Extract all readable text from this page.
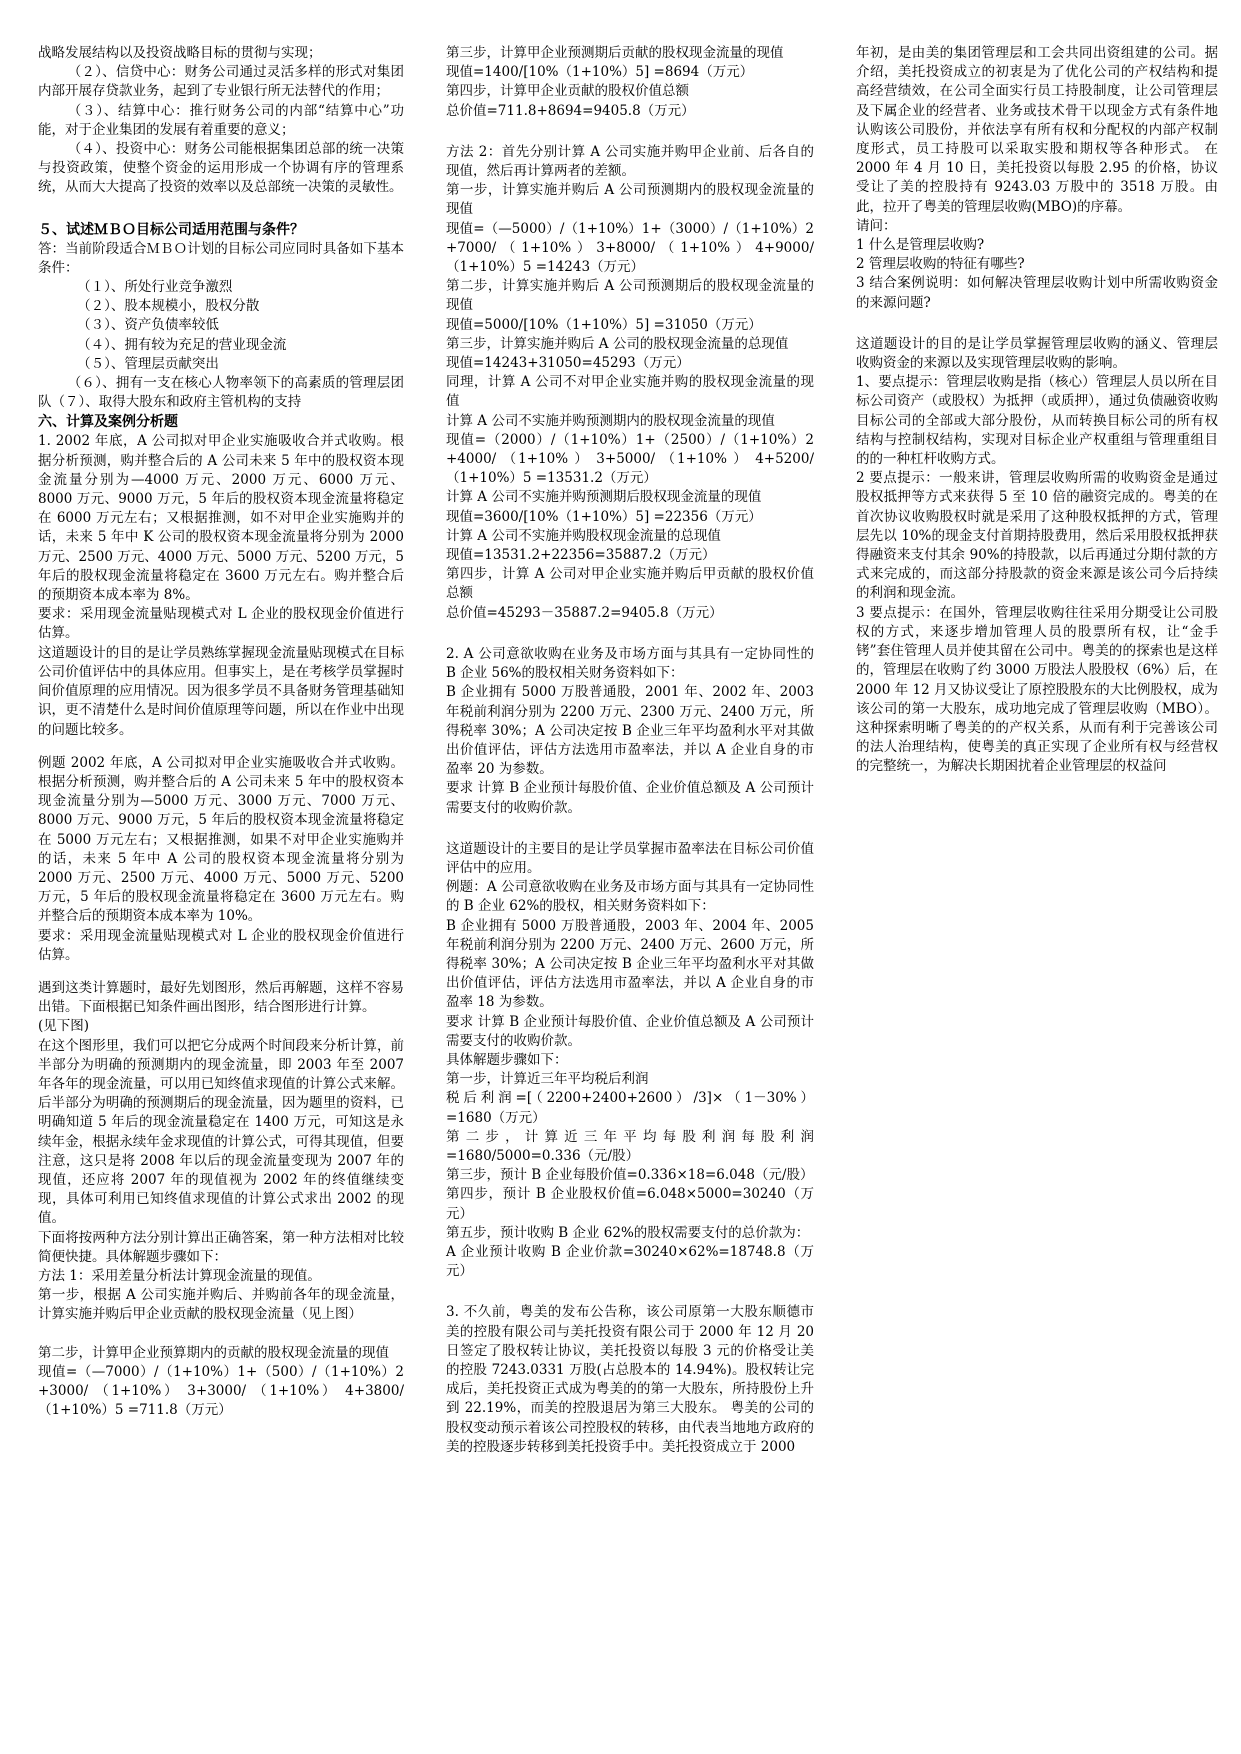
战略发展结构以及投资战略目标的贯彻与实现；

（２）、信贷中心：财务公司通过灵活多样的形式对集团内部开展存贷款业务，起到了专业银行所无法替代的作用；

（３）、结算中心：推行财务公司的内部“结算中心”功能，对于企业集团的发展有着重要的意义；

（４）、投资中心：财务公司能根据集团总部的统一决策与投资政策，使整个资金的运用形成一个协调有序的管理系统，从而大大提高了投资的效率以及总部统一决策的灵敏性。

５、试述ＭＢＯ目标公司适用范围与条件？

答：当前阶段适合ＭＢＯ计划的目标公司应同时具备如下基本条件：

（１）、所处行业竞争激烈

（２）、股本规模小，股权分散

（３）、资产负债率较低

（４）、拥有较为充足的营业现金流

（５）、管理层贡献突出

（６）、拥有一支在核心人物率领下的高素质的管理层团队（７）、取得大股东和政府主管机构的支持

六、计算及案例分析题

1. 2002 年底，A 公司拟对甲企业实施吸收合并式收购。根据分析预测，购并整合后的 A 公司未来 5 年中的股权资本现金流量分别为—4000 万元、2000 万元、6000 万元、8000 万元、9000 万元，5 年后的股权资本现金流量将稳定在 6000 万元左右；又根据推测，如不对甲企业实施购并的话，未来 5 年中 K 公司的股权资本现金流量将分别为 2000 万元、2500 万元、4000 万元、5000 万元、5200 万元，5 年后的股权现金流量将稳定在 3600 万元左右。购并整合后的预期资本成本率为 8%。

要求：采用现金流量贴现模式对 L 企业的股权现金价值进行估算。

这道题设计的目的是让学员熟练掌握现金流量贴现模式在目标公司价值评估中的具体应用。但事实上，是在考核学员掌握时间价值原理的应用情况。因为很多学员不具备财务管理基础知识，更不清楚什么是时间价值原理等问题，所以在作业中出现的问题比较多。

例题 2002 年底，A 公司拟对甲企业实施吸收合并式收购。根据分析预测，购并整合后的 A 公司未来 5 年中的股权资本现金流量分别为—5000 万元、3000 万元、7000 万元、8000 万元、9000 万元，5 年后的股权资本现金流量将稳定在 5000 万元左右；又根据推测，如果不对甲企业实施购并的话，未来 5 年中 A 公司的股权资本现金流量将分别为 2000 万元、2500 万元、4000 万元、5000 万元、5200 万元，5 年后的股权现金流量将稳定在 3600 万元左右。购并整合后的预期资本成本率为 10%。

要求：采用现金流量贴现模式对 L 企业的股权现金价值进行估算。

遇到这类计算题时，最好先划图形，然后再解题，这样不容易出错。下面根据已知条件画出图形，结合图形进行计算。

(见下图)

在这个图形里，我们可以把它分成两个时间段来分析计算，前半部分为明确的预测期内的现金流量，即 2003 年至 2007 年各年的现金流量，可以用已知终值求现值的计算公式来解。后半部分为明确的预测期后的现金流量，因为题里的资料，已明确知道 5 年后的现金流量稳定在 1400 万元，可知这是永续年金，根据永续年金求现值的计算公式，可得其现值，但要注意，这只是将 2008 年以后的现金流量变现为 2007 年的现值，还应将 2007 年的现值视为 2002 年的终值继续变现，具体可利用已知终值求现值的计算公式求出 2002 的现值。

下面将按两种方法分别计算出正确答案，第一种方法相对比较简便快捷。具体解题步骤如下：

方法 1：采用差量分析法计算现金流量的现值。

第一步，根据 A 公司实施并购后、并购前各年的现金流量，计算实施并购后甲企业贡献的股权现金流量（见上图）

第二步，计算甲企业预算期内的贡献的股权现金流量的现值

现值=（—7000）/（1+10%）1+（500）/（1+10%）2 +3000/ （1+10%） 3+3000/ （1+10%） 4+3800/（1+10%）5 =711.8（万元）

第三步，计算甲企业预测期后贡献的股权现金流量的现值

现值=1400/[10%（1+10%）5] =8694（万元）

第四步，计算甲企业贡献的股权价值总额

总价值=711.8+8694=9405.8（万元）

方法 2：首先分别计算 A 公司实施并购甲企业前、后各自的现值，然后再计算两者的差额。

第一步，计算实施并购后 A 公司预测期内的股权现金流量的现值

现值=（—5000）/（1+10%）1+（3000）/（1+10%）2 +7000/（1+10%）3+8000/（1+10%）4+9000/（1+10%）5 =14243（万元）

第二步，计算实施并购后 A 公司预测期后的股权现金流量的现值

现值=5000/[10%（1+10%）5] =31050（万元）

第三步，计算实施并购后 A 公司的股权现金流量的总现值

现值=14243+31050=45293（万元）

同理，计算 A 公司不对甲企业实施并购的股权现金流量的现值

计算 A 公司不实施并购预测期内的股权现金流量的现值

现值=（2000）/（1+10%）1+（2500）/（1+10%）2 +4000/ （1+10% ） 3+5000/ （1+10% ） 4+5200/（1+10%）5 =13531.2（万元）

计算 A 公司不实施并购预测期后股权现金流量的现值

现值=3600/[10%（1+10%）5] =22356（万元）

计算 A 公司不实施并购股权现金流量的总现值

现值=13531.2+22356=35887.2（万元）

第四步，计算 A 公司对甲企业实施并购后甲贡献的股权价值总额

总价值=45293－35887.2=9405.8（万元）

2. A 公司意欲收购在业务及市场方面与其具有一定协同性的 B 企业 56%的股权相关财务资料如下：

B 企业拥有 5000 万股普通股，2001 年、2002 年、2003 年税前利润分别为 2200 万元、2300 万元、2400 万元，所得税率 30%；A 公司决定按 B 企业三年平均盈利水平对其做出价值评估，评估方法选用市盈率法，并以 A 企业自身的市盈率 20 为参数。

要求 计算 B 企业预计每股价值、企业价值总额及 A 公司预计需要支付的收购价款。

这道题设计的主要目的是让学员掌握市盈率法在目标公司价值评估中的应用。

例题：A 公司意欲收购在业务及市场方面与其具有一定协同性的 B 企业 62%的股权，相关财务资料如下：

B 企业拥有 5000 万股普通股，2003 年、2004 年、2005 年税前利润分别为 2200 万元、2400 万元、2600 万元，所得税率 30%；A 公司决定按 B 企业三年平均盈利水平对其做出价值评估，评估方法选用市盈率法，并以 A 企业自身的市盈率 18 为参数。

要求 计算 B 企业预计每股价值、企业价值总额及 A 公司预计需要支付的收购价款。

具体解题步骤如下：

第一步，计算近三年平均税后利润

税后利润=[（2200+2400+2600）/3]×（1－30%）=1680（万元）

第二步，计算近三年平均每股利润每股利润=1680/5000=0.336（元/股）

第三步，预计 B 企业每股价值=0.336×18=6.048（元/股）

第四步，预计 B 企业股权价值=6.048×5000=30240（万元）

第五步，预计收购 B 企业 62%的股权需要支付的总价款为：

A 企业预计收购 B 企业价款=30240×62%=18748.8（万元）

3. 不久前，粤美的发布公告称，该公司原第一大股东顺德市美的控股有限公司与美托投资有限公司于 2000 年 12 月 20 日签定了股权转让协议，美托投资以每股 3 元的价格受让美的控股 7243.0331 万股(占总股本的 14.94%)。股权转让完成后，美托投资正式成为粤美的的第一大股东，所持股份上升到 22.19%，而美的控股退居为第三大股东。 粤美的公司的股权变动预示着该公司控股权的转移，由代表当地地方政府的美的控股逐步转移到美托投资手中。美托投资成立于 2000

年初，是由美的集团管理层和工会共同出资组建的公司。据介绍，美托投资成立的初衷是为了优化公司的产权结构和提高经营绩效，在公司全面实行员工持股制度，让公司管理层及下属企业的经营者、业务或技术骨干以现金方式有条件地认购该公司股份，并依法享有所有权和分配权的内部产权制度形式，员工持股可以采取实股和期权等各种形式。 在 2000 年 4 月 10 日，美托投资以每股 2.95 的价格，协议受让了美的控股持有 9243.03 万股中的 3518 万股。由此，拉开了粤美的管理层收购(MBO)的序幕。

请问：

1 什么是管理层收购?

2 管理层收购的特征有哪些?

3 结合案例说明：如何解决管理层收购计划中所需收购资金的来源问题?

这道题设计的目的是让学员掌握管理层收购的涵义、管理层收购资金的来源以及实现管理层收购的影响。

1、要点提示：管理层收购是指（核心）管理层人员以所在目标公司资产（或股权）为抵押（或质押），通过负债融资收购目标公司的全部或大部分股份，从而转换目标公司的所有权结构与控制权结构，实现对目标企业产权重组与管理重组目的的一种杠杆收购方式。

2 要点提示：一般来讲，管理层收购所需的收购资金是通过股权抵押等方式来获得 5 至 10 倍的融资完成的。粤美的在首次协议收购股权时就是采用了这种股权抵押的方式，管理层先以 10%的现金支付首期持股费用，然后采用股权抵押获得融资来支付其余 90%的持股款，以后再通过分期付款的方式来完成的，而这部分持股款的资金来源是该公司今后持续的利润和现金流。

3 要点提示：在国外，管理层收购往往采用分期受让公司股权的方式，来逐步增加管理人员的股票所有权，让“金手铐”套住管理人员并使其留在公司中。粤美的的探索也是这样的，管理层在收购了约 3000 万股法人股股权（6%）后，在 2000 年 12 月又协议受让了原控股股东的大比例股权，成为该公司的第一大股东，成功地完成了管理层收购（MBO）。这种探索明晰了粤美的的产权关系，从而有利于完善该公司的法人治理结构，使粤美的真正实现了企业所有权与经营权的完整统一，为解决长期困扰着企业管理层的权益问
